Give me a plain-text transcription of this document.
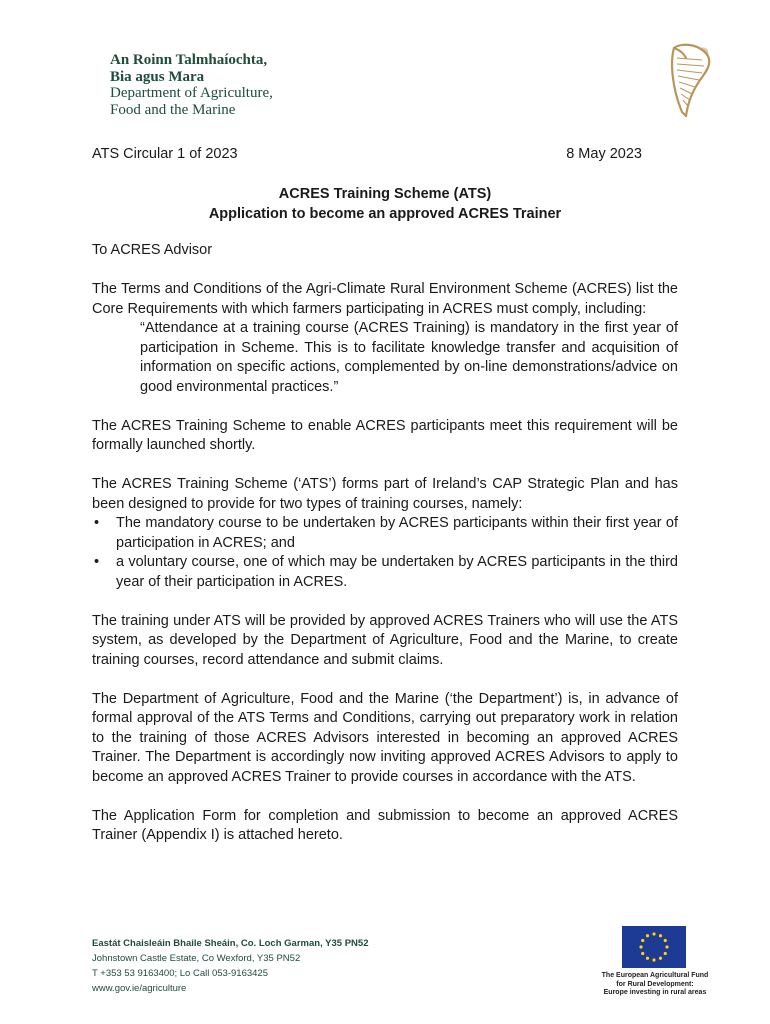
An Roinn Talmhaíochta,
Bia agus Mara
Department of Agriculture,
Food and the Marine
ATS Circular 1 of 2023	8 May 2023
ACRES Training Scheme (ATS)
Application to become an approved ACRES Trainer

To ACRES Advisor

The Terms and Conditions of the Agri-Climate Rural Environment Scheme (ACRES) list the Core Requirements with which farmers participating in ACRES must comply, including:

“Attendance at a training course (ACRES Training) is mandatory in the first year of participation in Scheme. This is to facilitate knowledge transfer and acquisition of information on specific actions, complemented by on-line demonstrations/advice on good environmental practices.”

The ACRES Training Scheme to enable ACRES participants meet this requirement will be formally launched shortly.

The ACRES Training Scheme (‘ATS’) forms part of Ireland’s CAP Strategic Plan and has been designed to provide for two types of training courses, namely:

• The mandatory course to be undertaken by ACRES participants within their first year of participation in ACRES; and
• a voluntary course, one of which may be undertaken by ACRES participants in the third year of their participation in ACRES.

The training under ATS will be provided by approved ACRES Trainers who will use the ATS system, as developed by the Department of Agriculture, Food and the Marine, to create training courses, record attendance and submit claims.

The Department of Agriculture, Food and the Marine (‘the Department’) is, in advance of formal approval of the ATS Terms and Conditions, carrying out preparatory work in relation to the training of those ACRES Advisors interested in becoming an approved ACRES Trainer. The Department is accordingly now inviting approved ACRES Advisors to apply to become an approved ACRES Trainer to provide courses in accordance with the ATS.

The Application Form for completion and submission to become an approved ACRES Trainer (Appendix I) is attached hereto.

Eastát Chaisleáin Bhaile Sheáin, Co. Loch Garman, Y35 PN52
Johnstown Castle Estate, Co Wexford, Y35 PN52
T +353 53 9163400; Lo Call 053-9163425
www.gov.ie/agriculture
The European Agricultural Fund
for Rural Development:
Europe investing in rural areas
